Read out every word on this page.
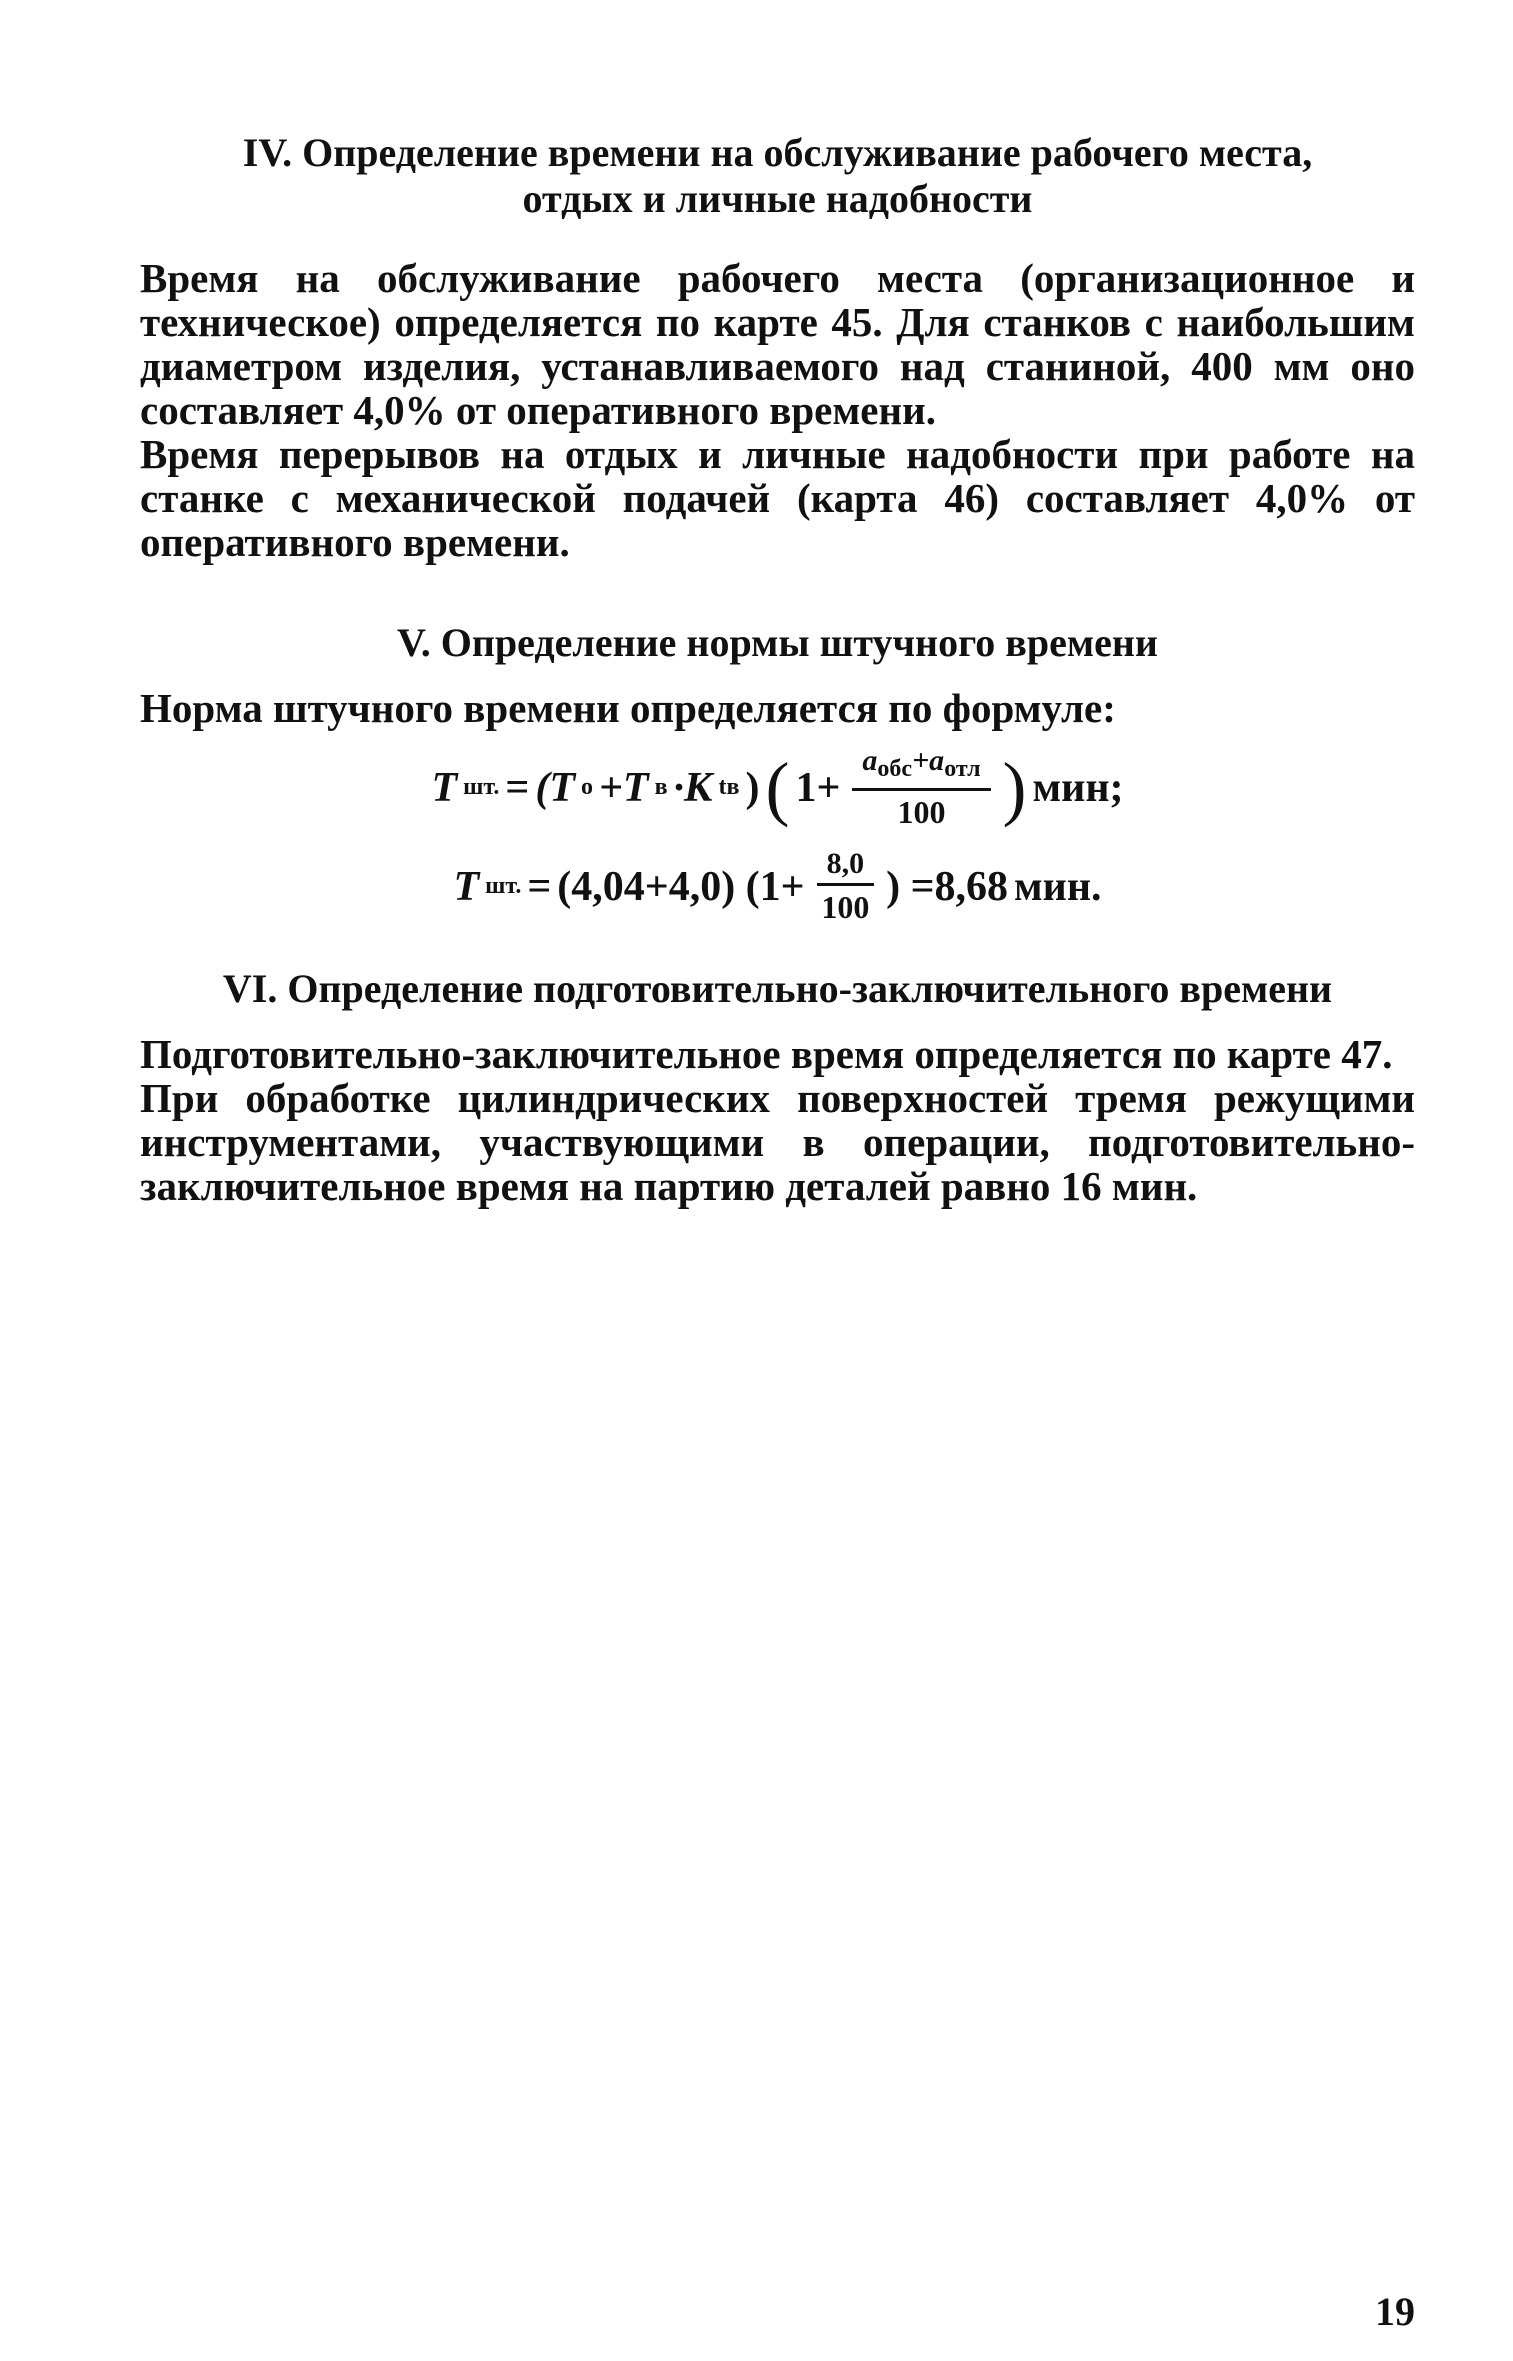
IV. Определение времени на обслуживание рабочего места,

отдых и личные надобности

Время на обслуживание рабочего места (организационное и техническое) определяется по карте 45. Для станков с наибольшим диаметром изделия, устанавливаемого над станиной, 400 мм оно составляет 4,0% от оперативного времени.

Время перерывов на отдых и личные надобности при работе на станке с механической подачей (карта 46) составляет 4,0% от оперативного времени.

V. Определение нормы штучного времени

Норма штучного времени определяется по формуле:

Т шт. = (Т о +Т в ·К tв ) ( $1+ \frac{a_{обс}+a_{отл}}{100}$ ) мин;
Т шт. = (4,04+4,0) ($1+ \frac{8,0}{100}$ ) =8,68 мин.

VI. Определение подготовительно-заключительного времени

Подготовительно-заключительное время определяется по карте 47.

При обработке цилиндрических поверхностей тремя режущими инструментами, участвующими в операции, подготовительно-заключительное время на партию деталей равно 16 мин.

19
